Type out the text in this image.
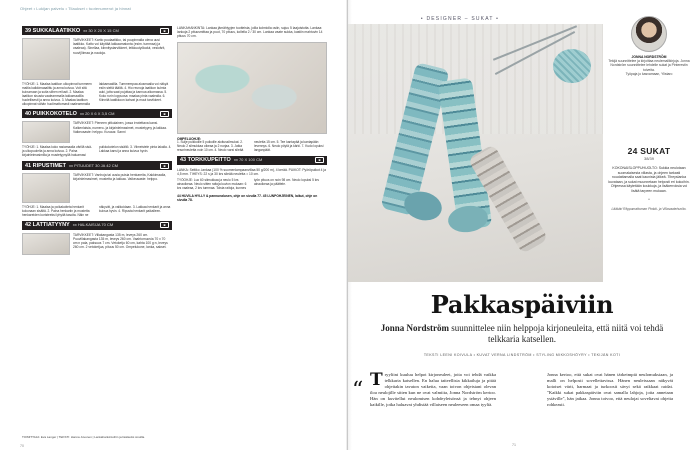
Ohjeet • Lukijan palvelu • Tilaukset • tuotenumerot ja hinnat
39 SUKKALAATIKKO xx 30 X 20 X 15 CM	◙
TARVIKKEET: Kartio puulaatikko, tai puupinnalla oleva uusi laatikko. Katto voi käyttää lakkaamatonta (esim. tummaa) ja vaaleaa). Sinellaa, kiinnitystarvikkeet, leikkuutyökalut, vesivärit, ruuvi(liimaa ja nauloja.
TYÖHJE: 1. Maalaa laatikon ulkopinnat tummeen maltia kaikkimaaalittu ja anna kuivua. Voit sitä kuivumaan ja sutia siihen reilusti. 2. Maalaa laatikon sisusta vaaleammalla lakkamaalilla huolellisesti ja anna kuivua. 3. Maalaa laatikon ulkopinnat vähän huolimattomasti vaaleammalla lakkamaalilla. Tummempaa alusmaalia voi näkyä esiin sieltä täältä. 4. Hio reunoja laatikon kulmia auki, jotta saat pujottaa ja kannua aikomassa. 5. Koko rurin loppuosa: maalaa pinta vaalealla. 6. Kiinnitä laatikkoon kahvat ja muut tarvikkeet.
40 PUIKKOKOTELO xx 20 X 6 X 3,5 CM	◙
TARVIKKEET: Pieneen pitkulainen, jossa irrotettava kansi. Kaikenlaisia, numero- ja kirjainleimasimet, mustetyyny ja lakkaa. Vaikeusaste: helppo. Kuvaus: Sanni
TYÖHJE: 1. Maalaa koko rasiamaalia värillä sisä- ja ulkopuolelta ja anna kuivua. 2. Paina kirjainleimasimilla ja mustetyynyllä haluamasi puikkokotelon sisältö. 3. Viimeistele pinta lakalla. 4. Lakkaa kansi ja anna kuivua hyvin.
41 RIPUSTIMET xx PITUUDET 30 JA 42 CM	◙
TARVIKKEET: Vanhoja tai uusia puisia henkareita, Kakkimaalia, kirjainleimasimet, mustetta ja lakkaa. Vaikeusaste: helppo.
TYÖHJE: 1. Maalaa ja poikakoiteta henkarit kokonaan sisältä. 2. Paina henkariin ja mustetta henkareiden koristeeksi lyhyitä tasoita. Näin ne näkyvät, ja valikoidaan. 3. Lakkaa henkarit ja anna kuivua hyvin. 4. Ripusta henkarit paikalleen.
42 LATTIATYYNY xx HALKAISIJA 70 CM	◙
TARVIKKEET: Villakangasta 135 m, leveys 260 cm. Puuvillakangasta 135 m, leveys 260 cm. Vaahtomuovia 70 x 70 cm:n pala, paksuus 7 cm. Vetoketju 60 cm, kahta 100 g:n, leveys 260 cm. 2 vetoketjua, pituus 50 cm. Ompelukone, lanka, sakset.
LANKAHANKINTA: Lankaa jämähiyyjen tuotteista, joilla kolmiolla osiin, sujuu 5 laajuistutta. Lankaa: lankoja 2 pituusmittaa ja puut, 70 pituus, kollella 2 / 30 cm. Lankaa vaate sukka, kastiin mahtuvin 14 pituus 70 cm.
OMPELUOHJE:
1. Sulje puikkoille 5 puikoille aloitussilmukat. 2. Neulo 2 silmukkaa oikeaa ja 2 nurjaa. 3. Jatka resorineuletta noin 10 cm. 4. Neulo varsi sileää neuletta 15 cm. 5. Tee kantapää ja kantapään levennys. 6. Neulo pöytä ja kärki. 7. Kudo lopuksi langanpäät.
43 TORKKUPEITTO xx 70 X 100 CM	◙
LANKA: Seitiko -lankaa (100 % suomenlampaanvillaa 50 g/200 m), 4 kerää. PUIKOT: Pyöröpuikot 4 ja 4,5 mm. TIHEYS: 22 s ja 30 krs sileää neuletta = 10 cm.
TYÖOHJE: Luo 60 silmukkaa ja neulo 5 krs ainaoikeaa. Neulo sitten raitoja kuvion mukaan: 6 krs vaaleaa, 2 krs tummaa. Toista raitoja, kunnes työn pituus on noin 98 cm. Neulo lopuksi 5 krs ainaoikeaa ja päättele.
44 HUVILA HYLLY & pannunalusen, ohje on sivulla 77. 45 LUNPOHJEINEN, laikut, ohje on sivulla 78.
TOIMITTAJA: Eva Langer | TEKSTI: Hanna Juvonen | Lankahankintoihin ja lisätiedot sivuilla.
70
• DESIGNER – SUKAT •
JONNA NORDSTRÖM
Tekijä suunnittelee ja kirjoittaa neulemallikirjoja. Jonna Nordström suunnittelee lehdelle sukat ja Pinterestin toiveita.
Työpaja jo kasvamaan, Ylistaro
24 SUKAT
38/39
KOKONAISLOPPUHUOLTO: Sukkia neulotaan suomalaisesta villasta, ja ohjeen tarkasti noudattamalla saat kaunista jälkeä. Tiheyslanka kuvataan, ja sukat muunnetaan helposti eri kokoihin. Ohjeessa käytetään koukkuja, ja lisäkerroksia voi lisätä tarpeen mukaan.
•
Lääkäri Riippumattoman Pinkki- ja Villavaatehuolto.
Pakkaspäiviin
Jonna Nordström suunnittelee niin helppoja kirjoneuleita, että niitä voi tehdä telkkaria katsellen.
TEKSTI LEENI KOIVULA • KUVAT VERNA LINDSTRÖM • STYLING MIKKOSHÖYRY • TEKIJÄN KOTI
“ Tryyliini kuuluu helpot kirjoneuleet, joita voi tehdä vaikka telkkaria katsellen. En halua taiteellisia kikkailuja ja pitää ohjeitakin tavaton vaikeita, vaan toivon ohjeistani olevan iloa neulojille sitten kun ne ovat valmiita, Jonna Nordström kertoo. Hän on kuvitellut neulomisen kohdeyleisönsä ja tehnyt ohjeen kaikille, jotka haluavat yhdistää villaiseen neuleeseen omaa tyyliä.
Jonna kertoo, että sukat ovat hänen tärkeimpiä neulomuksiaan, ja malli on helposti sovellettavissa. Hänen neuleissaan näkyvät kotoiset värit, harmaat ja turkoosit sävyt sekä raikkaat raidat. "Kaikki sukat pakkaspäiviin ovat samalla lahjoja, joita annetaan ystäville", hän jatkaa. Jonna toivoo, että neulojat soveltavat ohjeita rohkeasti.
71
